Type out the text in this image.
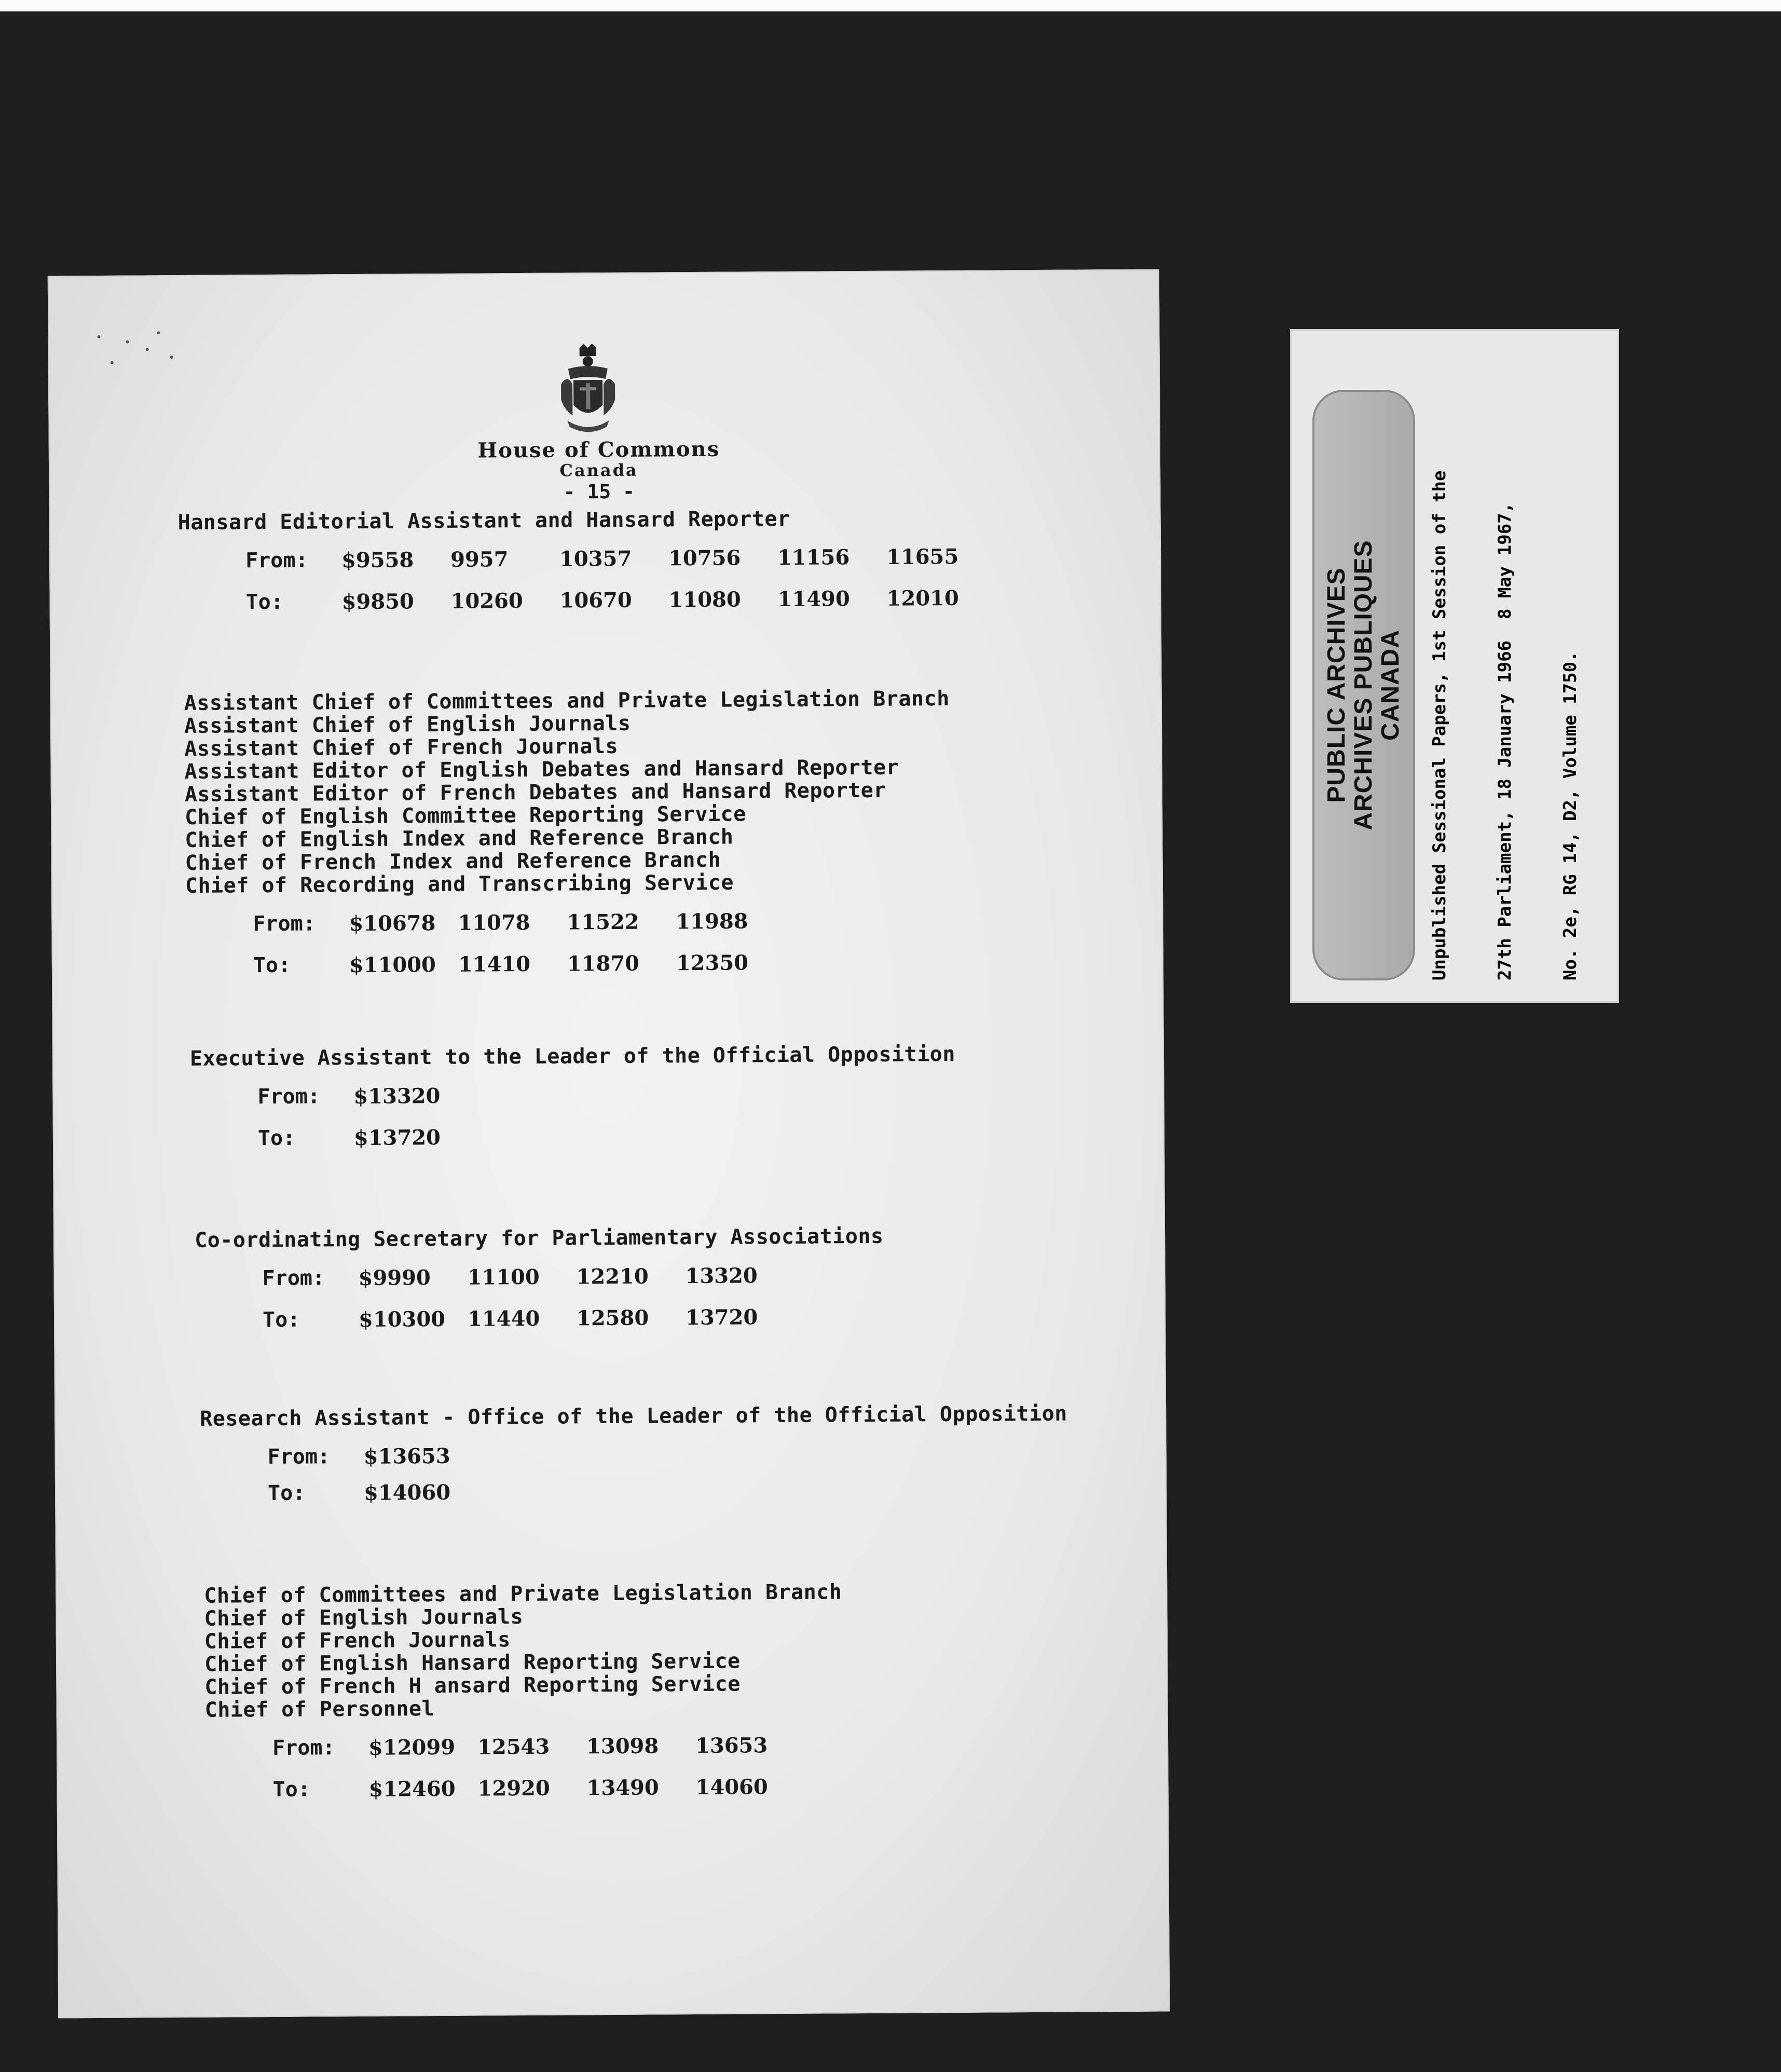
House of Commons
Canada
- 15 -
Hansard Editorial Assistant and Hansard Reporter
From:	$9558	9957	10357	10756	11156	11655
To:	$9850	10260	10670	11080	11490	12010
Assistant Chief of Committees and Private Legislation Branch
Assistant Chief of English Journals
Assistant Chief of French Journals
Assistant Editor of English Debates and Hansard Reporter
Assistant Editor of French Debates and Hansard Reporter
Chief of English Committee Reporting Service
Chief of English Index and Reference Branch
Chief of French Index and Reference Branch
Chief of Recording and Transcribing Service
From:	$10678	11078	11522	11988
To:	$11000	11410	11870	12350
Executive Assistant to the Leader of the Official Opposition
From:	$13320
To:	$13720
Co-ordinating Secretary for Parliamentary Associations
From:	$9990	11100	12210	13320
To:	$10300	11440	12580	13720
Research Assistant - Office of the Leader of the Official Opposition
From:	$13653
To:	$14060
Chief of Committees and Private Legislation Branch
Chief of English Journals
Chief of French Journals
Chief of English Hansard Reporting Service
Chief of French H ansard Reporting Service
Chief of Personnel
From:	$12099	12543	13098	13653
To:	$12460	12920	13490	14060

Unpublished Sessional Papers, 1st Session of the

	27th Parliament, 18 January 1966  8 May 1967,

	No. 2e, RG 14, D2, Volume 1750.

PUBLIC ARCHIVES ARCHIVES PUBLIQUES CANADA
